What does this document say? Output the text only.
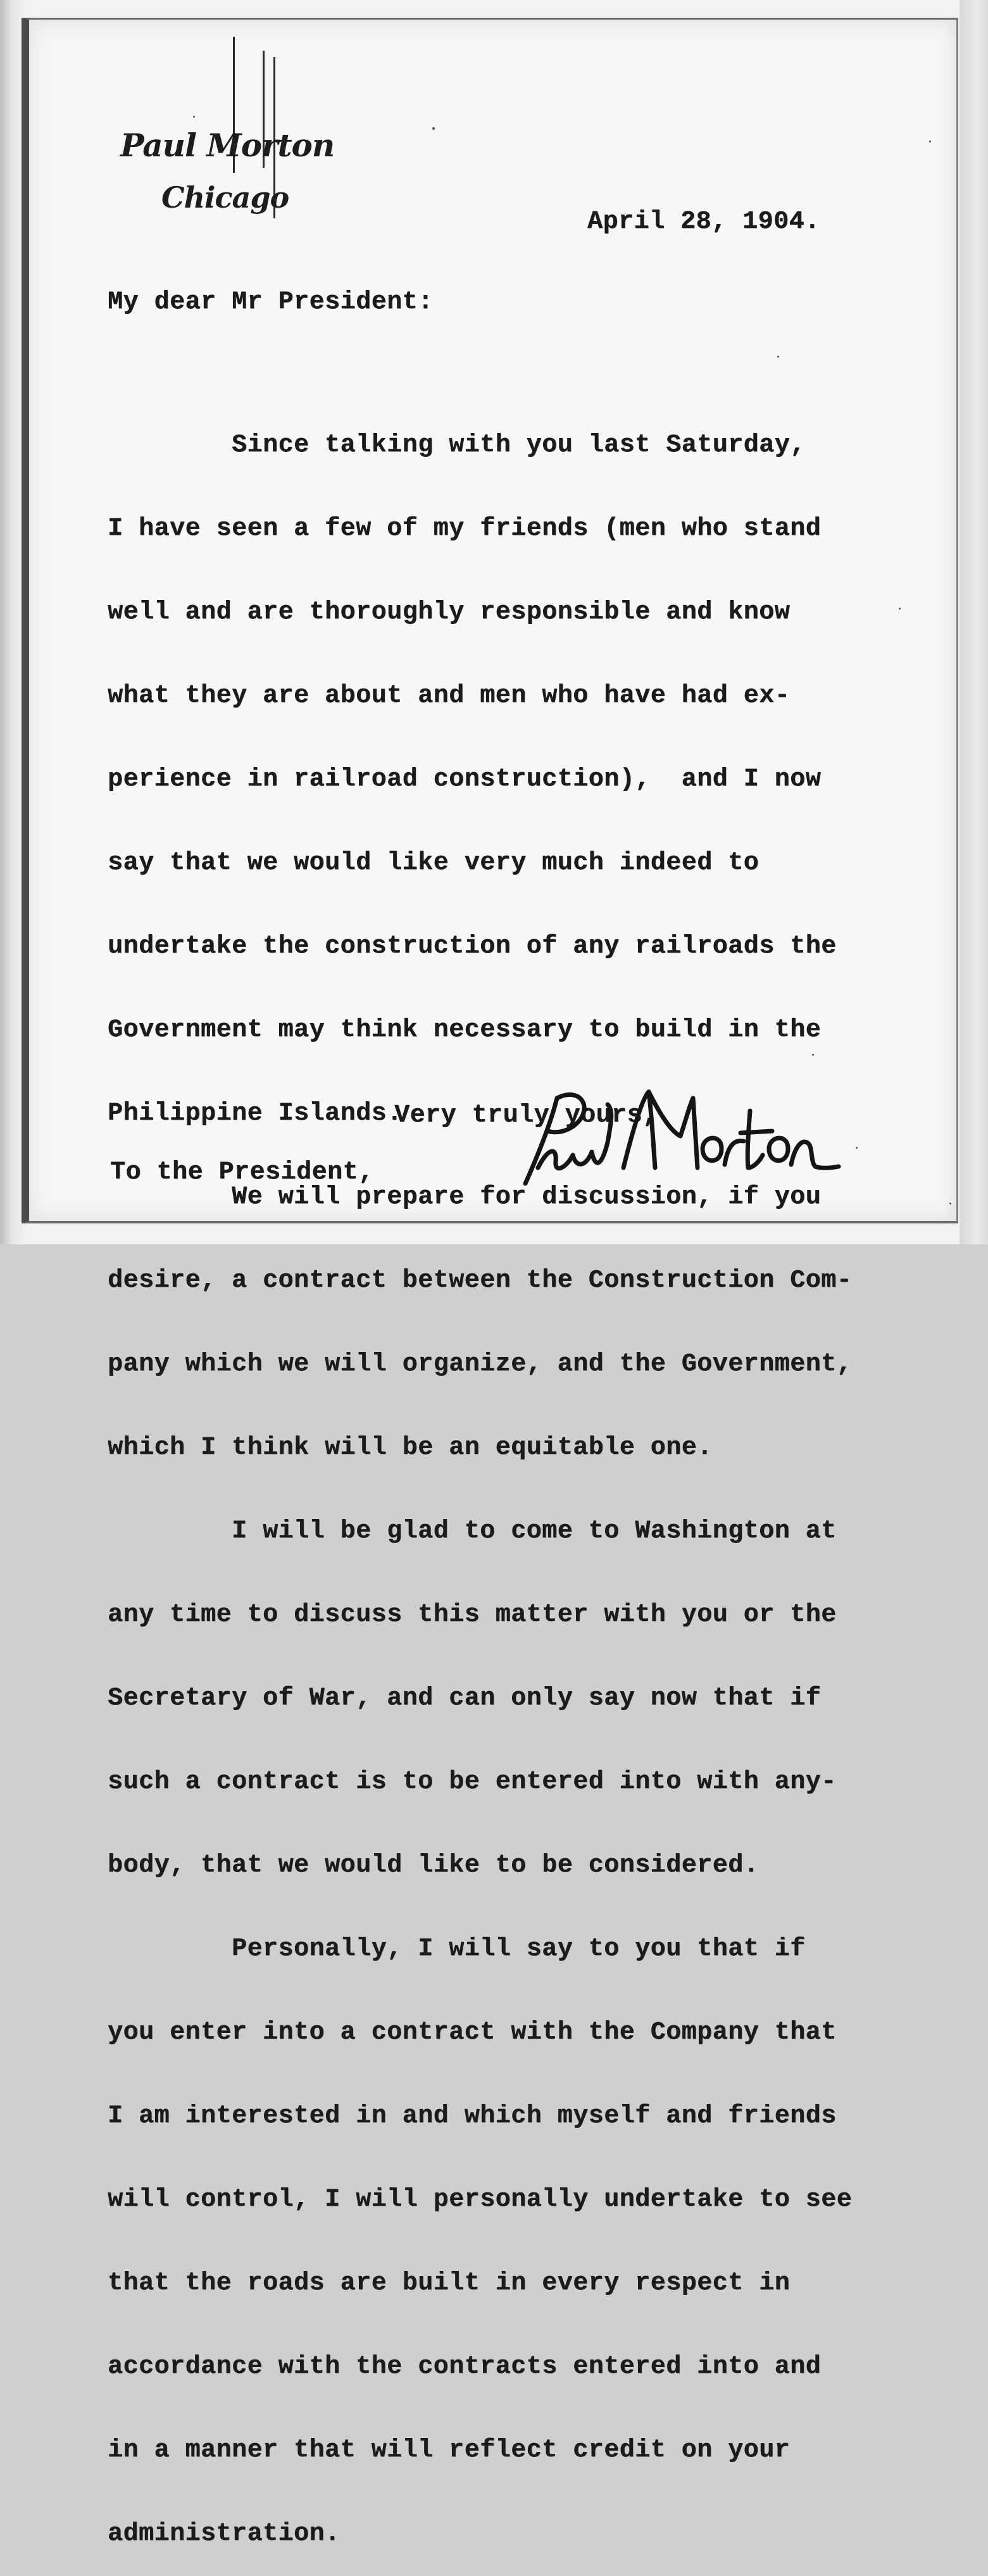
Paul Morton
Chicago
April 28, 1904.
My dear Mr President:

Since talking with you last Saturday,

I have seen a few of my friends (men who stand

well and are thoroughly responsible and know

what they are about and men who have had ex-

perience in railroad construction),  and I now

say that we would like very much indeed to

undertake the construction of any railroads the

Government may think necessary to build in the

Philippine Islands.

We will prepare for discussion, if you

desire, a contract between the Construction Com-

pany which we will organize, and the Government,

which I think will be an equitable one.

I will be glad to come to Washington at

any time to discuss this matter with you or the

Secretary of War, and can only say now that if

such a contract is to be entered into with any-

body, that we would like to be considered.

Personally, I will say to you that if

you enter into a contract with the Company that

I am interested in and which myself and friends

will control, I will personally undertake to see

that the roads are built in every respect in

accordance with the contracts entered into and

in a manner that will reflect credit on your

administration.

Very truly yours,
To the President,
